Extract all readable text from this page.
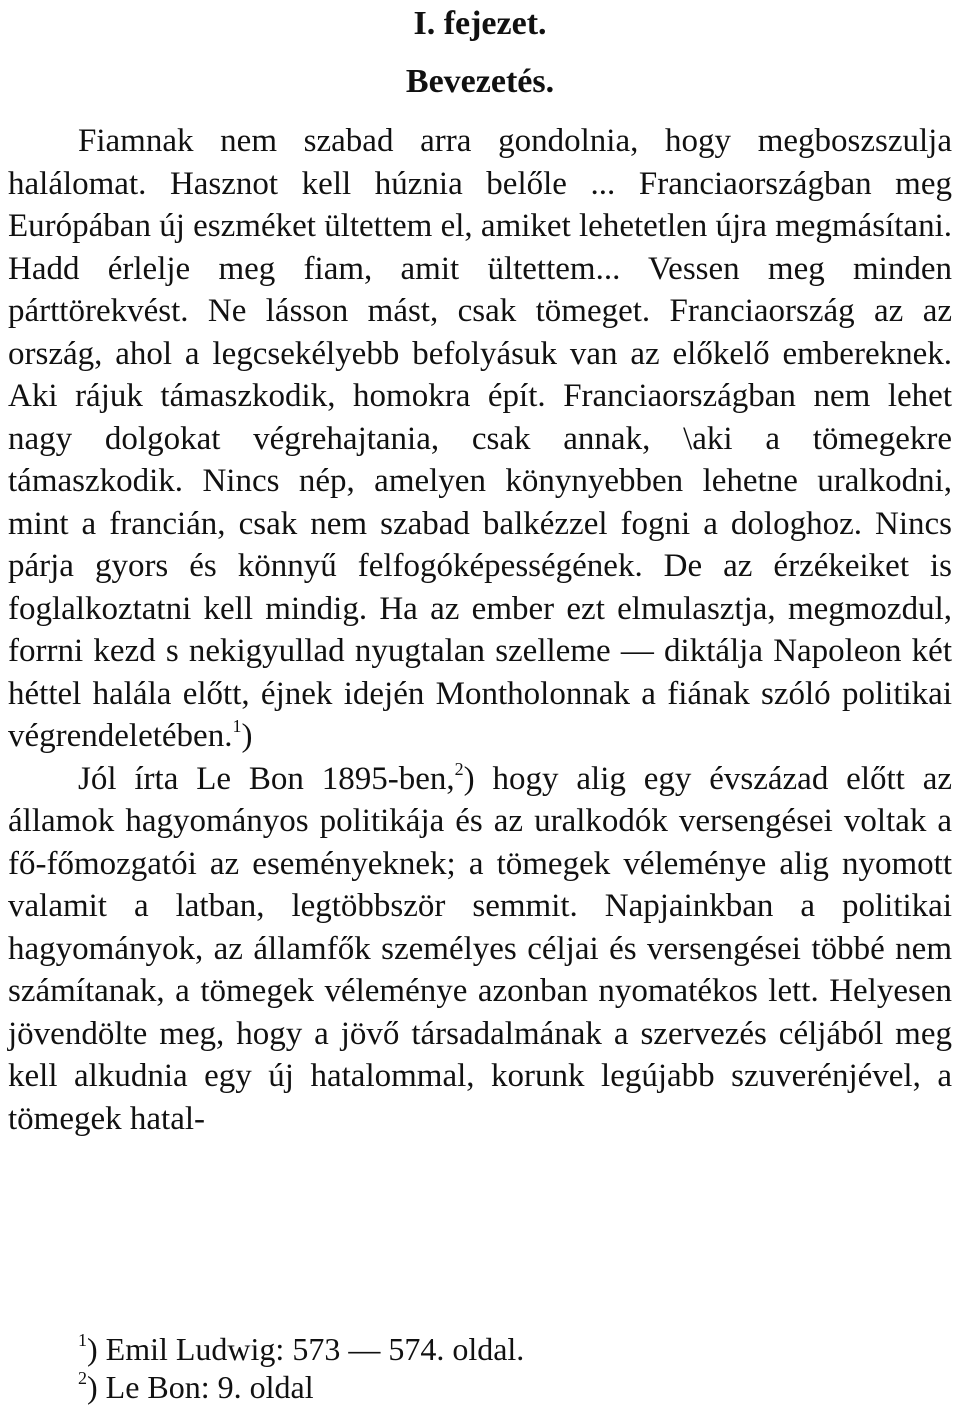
I. fejezet.
Bevezetés.

Fiamnak nem szabad arra gondolnia, hogy megboszszulja halálomat. Hasznot kell húznia belőle ... Franciaországban meg Európában új eszméket ültettem el, amiket lehetetlen újra megmásítani. Hadd érlelje meg fiam, amit ültettem... Vessen meg minden párttörekvést. Ne lásson mást, csak tömeget. Franciaország az az ország, ahol a legcsekélyebb befolyásuk van az előkelő embereknek. Aki rájuk támaszkodik, homokra épít. Franciaországban nem lehet nagy dolgokat végrehajtania, csak annak, \aki a tömegekre támaszkodik. Nincs nép, amelyen könynyebben lehetne uralkodni, mint a francián, csak nem szabad balkézzel fogni a dologhoz. Nincs párja gyors és könnyű felfogóképességének. De az érzékeiket is foglalkoztatni kell mindig. Ha az ember ezt elmulasztja, megmozdul, forrni kezd s nekigyullad nyugtalan szelleme — diktálja Napoleon két héttel halála előtt, éjnek idején Montholonnak a fiának szóló politikai végrendeletében.$^1$)

Jól írta Le Bon 1895-ben,$^2$) hogy alig egy évszázad előtt az államok hagyományos politikája és az uralkodók versengései voltak a fő-főmozgatói az eseményeknek; a tömegek véleménye alig nyomott valamit a latban, legtöbbször semmit. Napjainkban a politikai hagyományok, az államfők személyes céljai és versengései többé nem számítanak, a tömegek véleménye azonban nyomatékos lett. Helyesen jövendölte meg, hogy a jövő társadalmának a szervezés céljából meg kell alkudnia egy új hatalommal, korunk legújabb szuverénjével, a tömegek hatal-

$^1$) Emil Ludwig: 573 — 574. oldal.

$^2$) Le Bon: 9. oldal
